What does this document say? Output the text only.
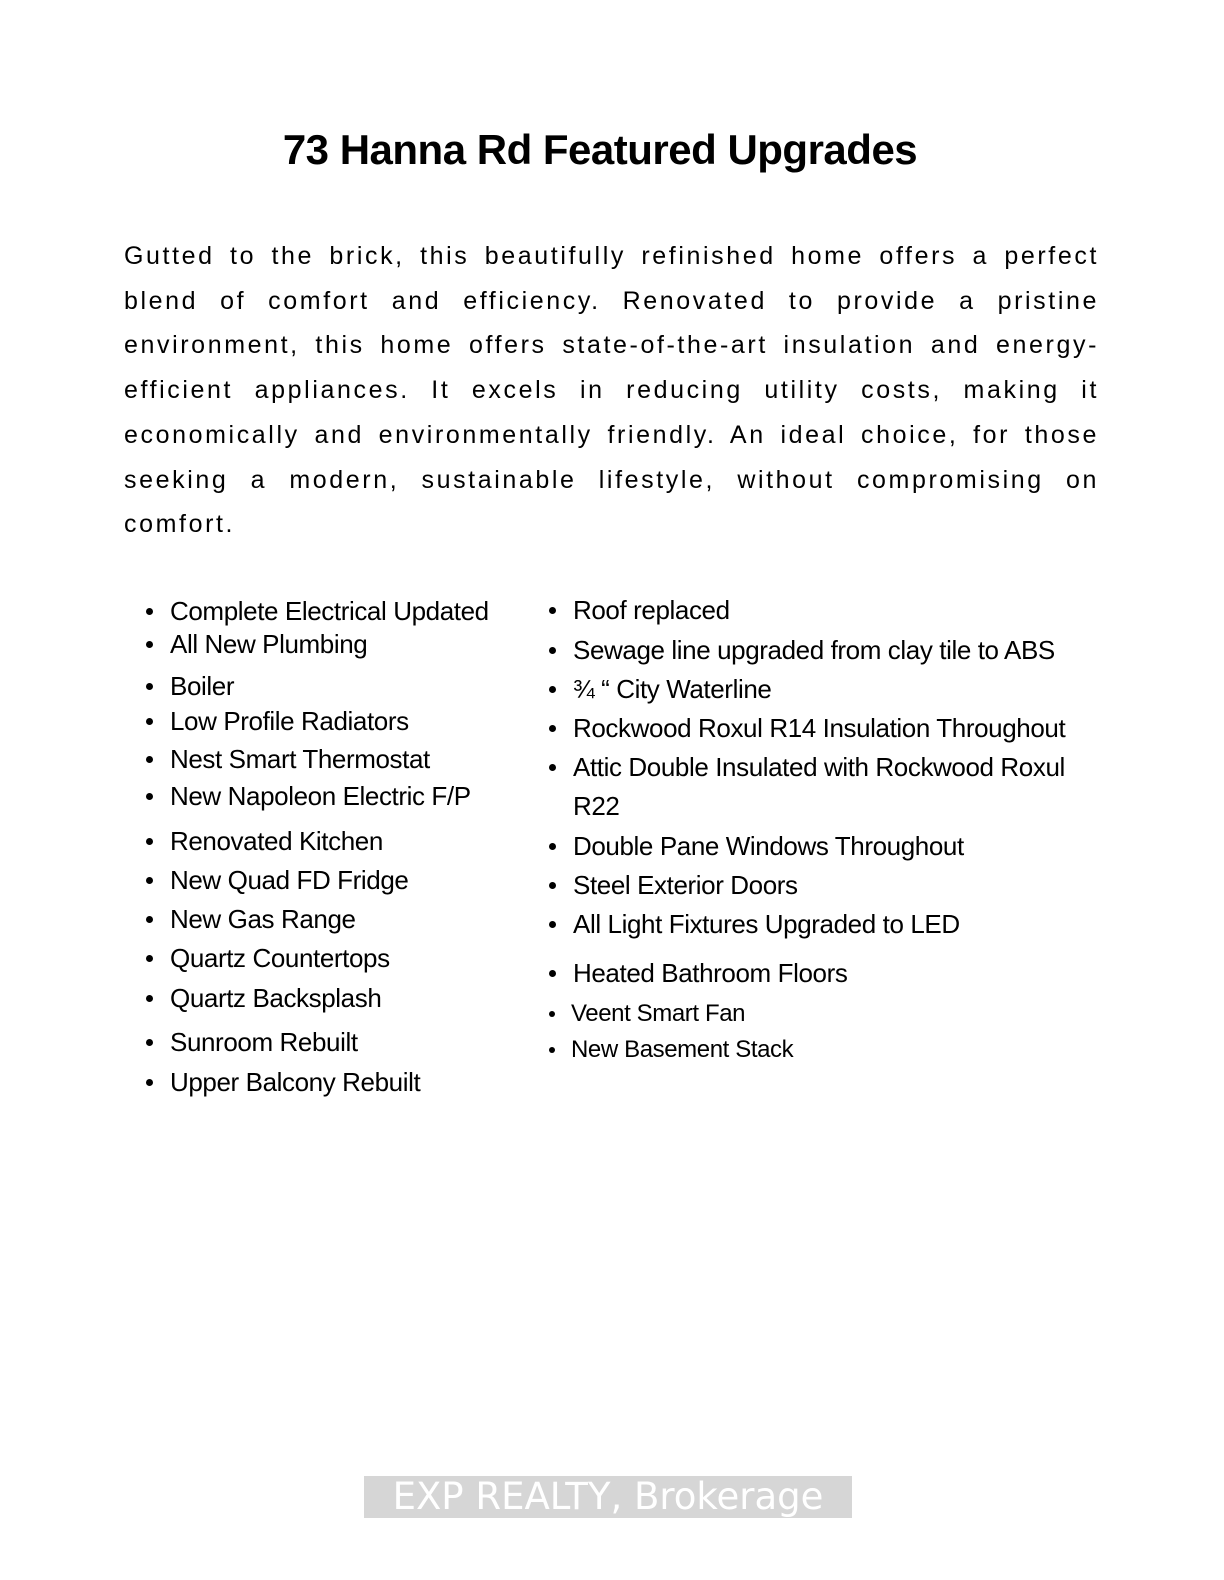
73 Hanna Rd Featured Upgrades

Gutted to the brick, this beautifully refinished home offers a perfect blend of comfort and efficiency. Renovated to provide a pristine environment, this home offers state-of-the-art insulation and energy-efficient appliances. It excels in reducing utility costs, making it economically and environmentally friendly. An ideal choice, for those seeking a modern, sustainable lifestyle, without compromising on comfort.

Complete Electrical Updated
All New Plumbing
Boiler
Low Profile Radiators
Nest Smart Thermostat
New Napoleon Electric F/P
Renovated Kitchen
New Quad FD Fridge
New Gas Range
Quartz Countertops
Quartz Backsplash
Sunroom Rebuilt
Upper Balcony Rebuilt
Roof replaced
Sewage line upgraded from clay tile to ABS
¾ “ City Waterline
Rockwood Roxul R14 Insulation Throughout
Attic Double Insulated with Rockwood Roxul R22
Double Pane Windows Throughout
Steel Exterior Doors
All Light Fixtures Upgraded to LED
Heated Bathroom Floors
Veent Smart Fan
New Basement Stack
EXP REALTY, Brokerage
